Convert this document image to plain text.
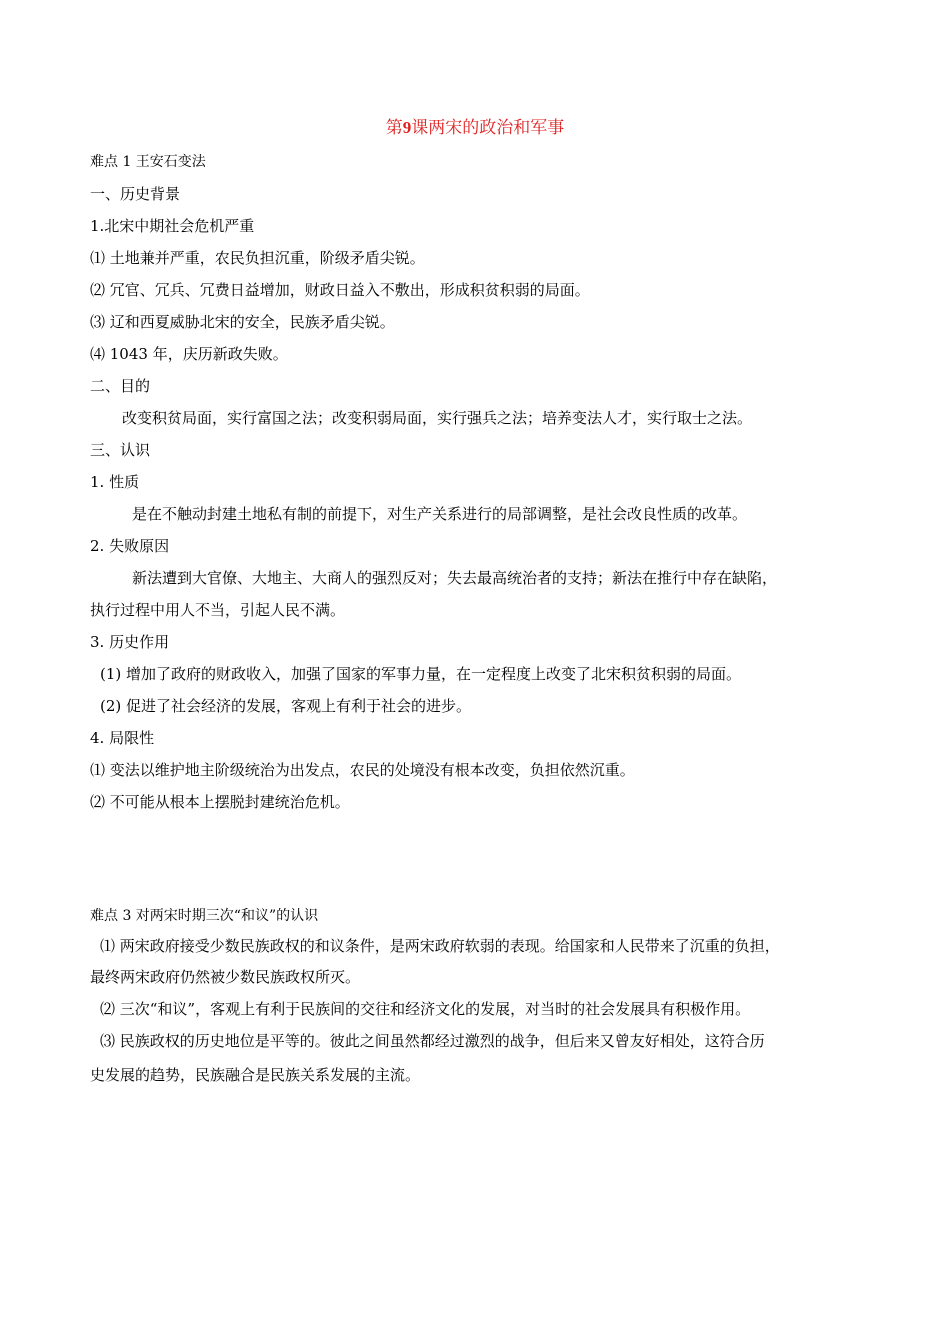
第9课两宋的政治和军事
难点 1 王安石变法
一、历史背景
1.北宋中期社会危机严重
⑴ 土地兼并严重，农民负担沉重，阶级矛盾尖锐。
⑵ 冗官、冗兵、冗费日益增加，财政日益入不敷出，形成积贫积弱的局面。
⑶ 辽和西夏威胁北宋的安全，民族矛盾尖锐。
⑷ 1043 年，庆历新政失败。
二、目的
改变积贫局面，实行富国之法；改变积弱局面，实行强兵之法；培养变法人才，实行取士之法。
三、认识
1. 性质
是在不触动封建土地私有制的前提下，对生产关系进行的局部调整，是社会改良性质的改革。
2. 失败原因
新法遭到大官僚、大地主、大商人的强烈反对；失去最高统治者的支持；新法在推行中存在缺陷，
执行过程中用人不当，引起人民不满。
3. 历史作用
(1) 增加了政府的财政收入，加强了国家的军事力量，在一定程度上改变了北宋积贫积弱的局面。
(2) 促进了社会经济的发展，客观上有利于社会的进步。
4. 局限性
⑴ 变法以维护地主阶级统治为出发点，农民的处境没有根本改变，负担依然沉重。
⑵ 不可能从根本上摆脱封建统治危机。
难点 3 对两宋时期三次“和议”的认识
⑴ 两宋政府接受少数民族政权的和议条件，是两宋政府软弱的表现。给国家和人民带来了沉重的负担，
最终两宋政府仍然被少数民族政权所灭。
⑵ 三次“和议”，客观上有利于民族间的交往和经济文化的发展，对当时的社会发展具有积极作用。
⑶ 民族政权的历史地位是平等的。彼此之间虽然都经过激烈的战争，但后来又曾友好相处，这符合历
史发展的趋势，民族融合是民族关系发展的主流。
